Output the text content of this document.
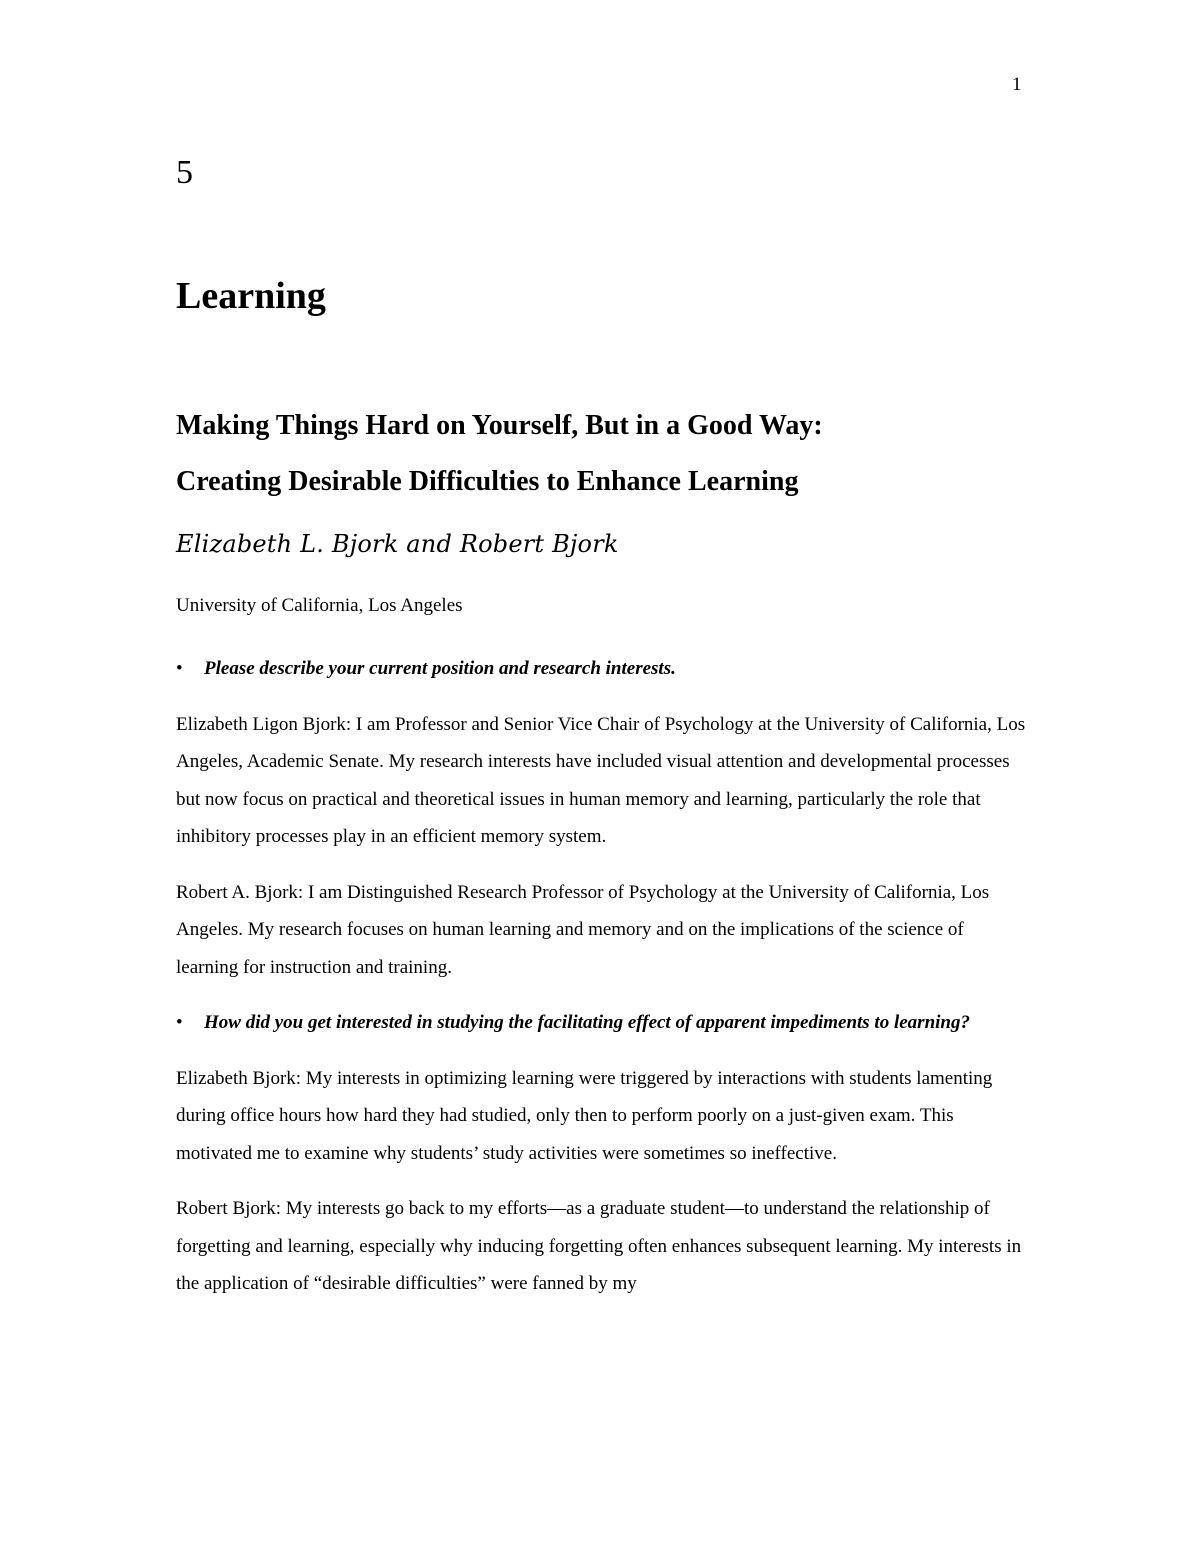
1
5
Learning
Making Things Hard on Yourself, But in a Good Way:
Creating Desirable Difficulties to Enhance Learning
Elizabeth L. Bjork and Robert Bjork
University of California, Los Angeles
•	Please describe your current position and research interests.

Elizabeth Ligon Bjork: I am Professor and Senior Vice Chair of Psychology at the University of California, Los Angeles, Academic Senate. My research interests have included visual attention and developmental processes but now focus on practical and theoretical issues in human memory and learning, particularly the role that inhibitory processes play in an efficient memory system.

Robert A. Bjork: I am Distinguished Research Professor of Psychology at the University of California, Los Angeles. My research focuses on human learning and memory and on the implications of the science of learning for instruction and training.

•	How did you get interested in studying the facilitating effect of apparent impediments to learning?

Elizabeth Bjork: My interests in optimizing learning were triggered by interactions with students lamenting during office hours how hard they had studied, only then to perform poorly on a just-given exam. This motivated me to examine why students’ study activities were sometimes so ineffective.

Robert Bjork: My interests go back to my efforts—as a graduate student—to understand the relationship of forgetting and learning, especially why inducing forgetting often enhances subsequent learning. My interests in the application of “desirable difficulties” were fanned by my
